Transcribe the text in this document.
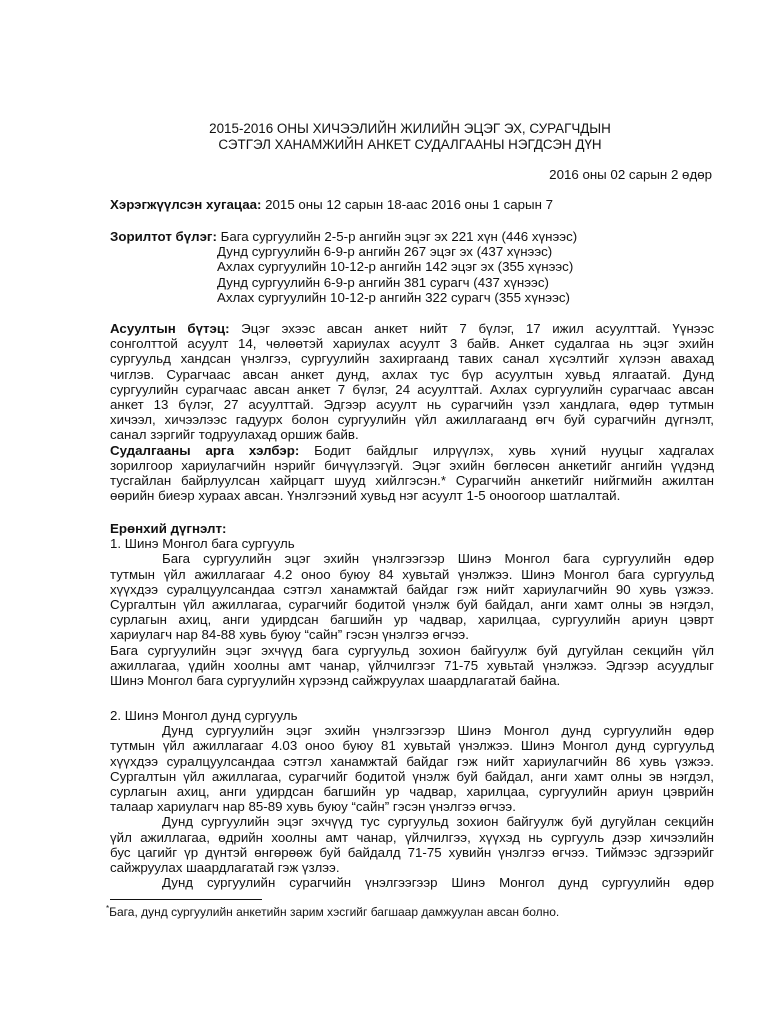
2015-2016 ОНЫ ХИЧЭЭЛИЙН ЖИЛИЙН ЭЦЭГ ЭХ, СУРАГЧДЫН
СЭТГЭЛ ХАНАМЖИЙН АНКЕТ СУДАЛГААНЫ НЭГДСЭН ДҮН
2016 оны 02 сарын 2 өдөр
Хэрэгжүүлсэн хугацаа: 2015 оны 12 сарын 18-аас 2016 оны 1 сарын 7
Зорилтот бүлэг: Бага сургуулийн 2-5-р ангийн эцэг эх 221 хүн (446 хүнээс)
Дунд сургуулийн 6-9-р ангийн 267 эцэг эх (437 хүнээс)
Ахлах сургуулийн 10-12-р ангийн 142 эцэг эх (355 хүнээс)
Дунд сургуулийн 6-9-р ангийн 381 сурагч (437 хүнээс)
Ахлах сургуулийн 10-12-р ангийн 322 сурагч (355 хүнээс)
Асуултын бүтэц: Эцэг эхээс авсан анкет нийт 7 бүлэг, 17 ижил асуулттай. Үүнээс
сонголттой асуулт 14, чөлөөтэй хариулах асуулт 3 байв. Анкет судалгаа нь эцэг эхийн
сургуульд хандсан үнэлгээ, сургуулийн захиргаанд тавих санал хүсэлтийг хүлээн авахад
чиглэв. Сурагчаас авсан анкет дунд, ахлах тус бүр асуултын хувьд ялгаатай. Дунд
сургуулийн сурагчаас авсан анкет 7 бүлэг, 24 асуулттай. Ахлах сургуулийн сурагчаас авсан
анкет 13 бүлэг, 27 асуулттай. Эдгээр асуулт нь сурагчийн үзэл хандлага, өдөр тутмын
хичээл, хичээлээс гадуурх болон сургуулийн үйл ажиллагаанд өгч буй сурагчийн дүгнэлт,
санал зэргийг тодруулахад оршиж байв.
Судалгааны арга хэлбэр: Бодит байдлыг илрүүлэх, хувь хүний нууцыг хадгалах
зорилгоор хариулагчийн нэрийг бичүүлээгүй. Эцэг эхийн бөглөсөн анкетийг ангийн үүдэнд
тусгайлан байрлуулсан хайрцагт шууд хийлгэсэн.* Сурагчийн анкетийг нийгмийн ажилтан
өөрийн биеэр хураах авсан. Үнэлгээний хувьд нэг асуулт 1-5 оноогоор шатлалтай.
Ерөнхий дүгнэлт:
1. Шинэ Монгол бага сургууль
Бага сургуулийн эцэг эхийн үнэлгээгээр Шинэ Монгол бага сургуулийн өдөр
тутмын үйл ажиллагааг 4.2 оноо буюу 84 хувьтай үнэлжээ. Шинэ Монгол бага сургуульд
хүүхдээ суралцуулсандаа сэтгэл ханамжтай байдаг гэж нийт хариулагчийн 90 хувь үзжээ.
Сургалтын үйл ажиллагаа, сурагчийг бодитой үнэлж буй байдал, анги хамт олны эв нэгдэл,
сурлагын ахиц, анги удирдсан багшийн ур чадвар, харилцаа, сургуулийн ариун цэврт
хариулагч нар 84-88 хувь буюу “сайн” гэсэн үнэлгээ өгчээ.
Бага сургуулийн эцэг эхчүүд бага сургуульд зохион байгуулж буй дугуйлан секцийн үйл
ажиллагаа, үдийн хоолны амт чанар, үйлчилгээг 71-75 хувьтай үнэлжээ. Эдгээр асуудлыг
Шинэ Монгол бага сургуулийн хүрээнд сайжруулах шаардлагатай байна.
2. Шинэ Монгол дунд сургууль
Дунд сургуулийн эцэг эхийн үнэлгээгээр Шинэ Монгол дунд сургуулийн өдөр
тутмын үйл ажиллагааг 4.03 оноо буюу 81 хувьтай үнэлжээ. Шинэ Монгол дунд сургуульд
хүүхдээ суралцуулсандаа сэтгэл ханамжтай байдаг гэж нийт хариулагчийн 86 хувь үзжээ.
Сургалтын үйл ажиллагаа, сурагчийг бодитой үнэлж буй байдал, анги хамт олны эв нэгдэл,
сурлагын ахиц, анги удирдсан багшийн ур чадвар, харилцаа, сургуулийн ариун цэврийн
талаар хариулагч нар 85-89 хувь буюу “сайн” гэсэн үнэлгээ өгчээ.
Дунд сургуулийн эцэг эхчүүд тус сургуульд зохион байгуулж буй дугуйлан секцийн
үйл ажиллагаа, өдрийн хоолны амт чанар, үйлчилгээ, хүүхэд нь сургууль дээр хичээлийн
бус цагийг үр дүнтэй өнгөрөөж буй байдалд 71-75 хувийн үнэлгээ өгчээ. Тиймээс эдгээрийг
сайжруулах шаардлагатай гэж үзлээ.
Дунд сургуулийн сурагчийн үнэлгээгээр Шинэ Монгол дунд сургуулийн өдөр
*Бага, дунд сургуулийн анкетийн зарим хэсгийг багшаар дамжуулан авсан болно.
